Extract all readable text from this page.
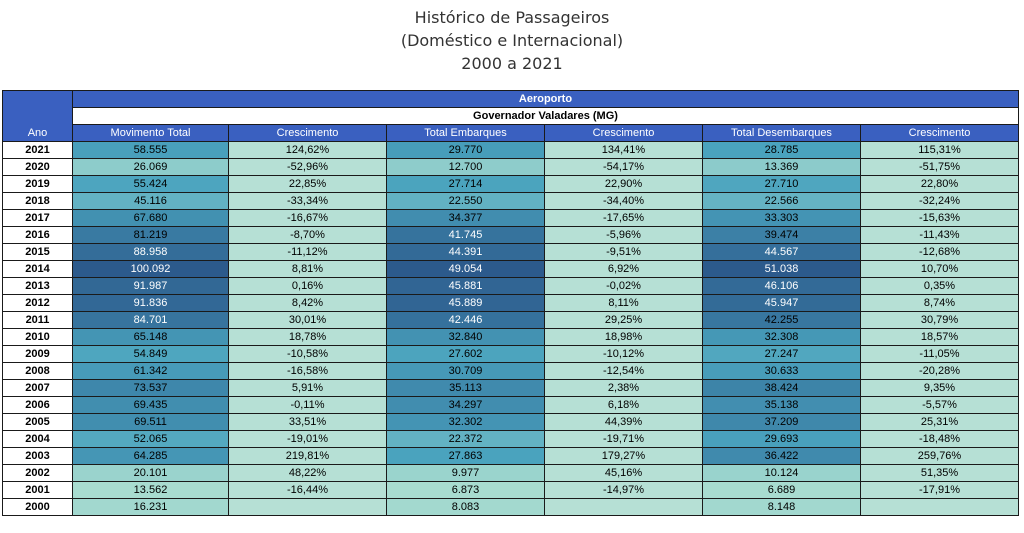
Histórico de Passageiros
(Doméstico e Internacional)
2000 a 2021
Ano	Aeroporto					
	Governador Valadares (MG)					
	Movimento Total	Crescimento	Total Embarques	Crescimento	Total Desembarques	Crescimento
2021	58.555	124,62%	29.770	134,41%	28.785	115,31%
2020	26.069	-52,96%	12.700	-54,17%	13.369	-51,75%
2019	55.424	22,85%	27.714	22,90%	27.710	22,80%
2018	45.116	-33,34%	22.550	-34,40%	22.566	-32,24%
2017	67.680	-16,67%	34.377	-17,65%	33.303	-15,63%
2016	81.219	-8,70%	41.745	-5,96%	39.474	-11,43%
2015	88.958	-11,12%	44.391	-9,51%	44.567	-12,68%
2014	100.092	8,81%	49.054	6,92%	51.038	10,70%
2013	91.987	0,16%	45.881	-0,02%	46.106	0,35%
2012	91.836	8,42%	45.889	8,11%	45.947	8,74%
2011	84.701	30,01%	42.446	29,25%	42.255	30,79%
2010	65.148	18,78%	32.840	18,98%	32.308	18,57%
2009	54.849	-10,58%	27.602	-10,12%	27.247	-11,05%
2008	61.342	-16,58%	30.709	-12,54%	30.633	-20,28%
2007	73.537	5,91%	35.113	2,38%	38.424	9,35%
2006	69.435	-0,11%	34.297	6,18%	35.138	-5,57%
2005	69.511	33,51%	32.302	44,39%	37.209	25,31%
2004	52.065	-19,01%	22.372	-19,71%	29.693	-18,48%
2003	64.285	219,81%	27.863	179,27%	36.422	259,76%
2002	20.101	48,22%	9.977	45,16%	10.124	51,35%
2001	13.562	-16,44%	6.873	-14,97%	6.689	-17,91%
2000	16.231		8.083		8.148	
